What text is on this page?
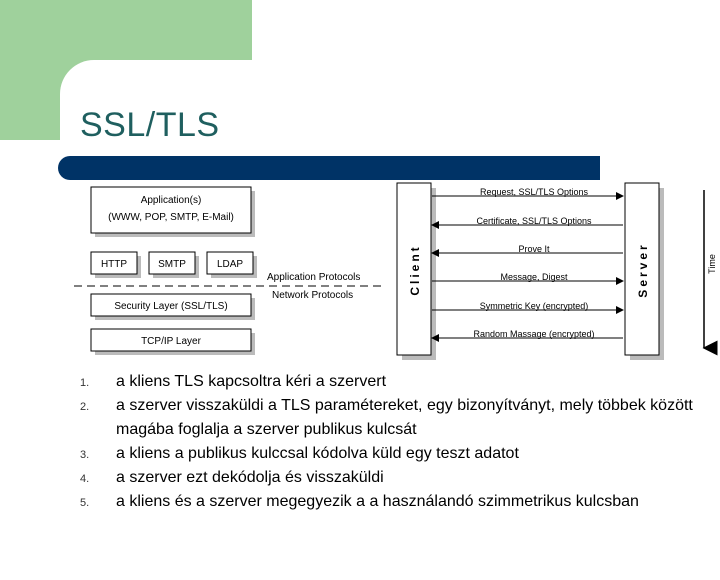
SSL/TLS
Application(s)
(WWW, POP, SMTP, E-Mail)
HTTP	SMTP	LDAP
Application Protocols
Network Protocols
Security Layer (SSL/TLS)
TCP/IP Layer
Client	Server
Request, SSL/TLS Options
Certificate, SSL/TLS Options
Prove It
Message, Digest
Symmetric Key (encrypted)
Random Massage (encrypted)
Time
1. a kliens TLS kapcsoltra kéri a szervert
2. a szerver visszaküldi a TLS paramétereket, egy bizonyítványt, mely többek között magába foglalja a szerver publikus kulcsát
3. a kliens a publikus kulccsal kódolva küld egy teszt adatot
4. a szerver ezt dekódolja és visszaküldi
5. a kliens és a szerver megegyezik a a használandó szimmetrikus kulcsban
